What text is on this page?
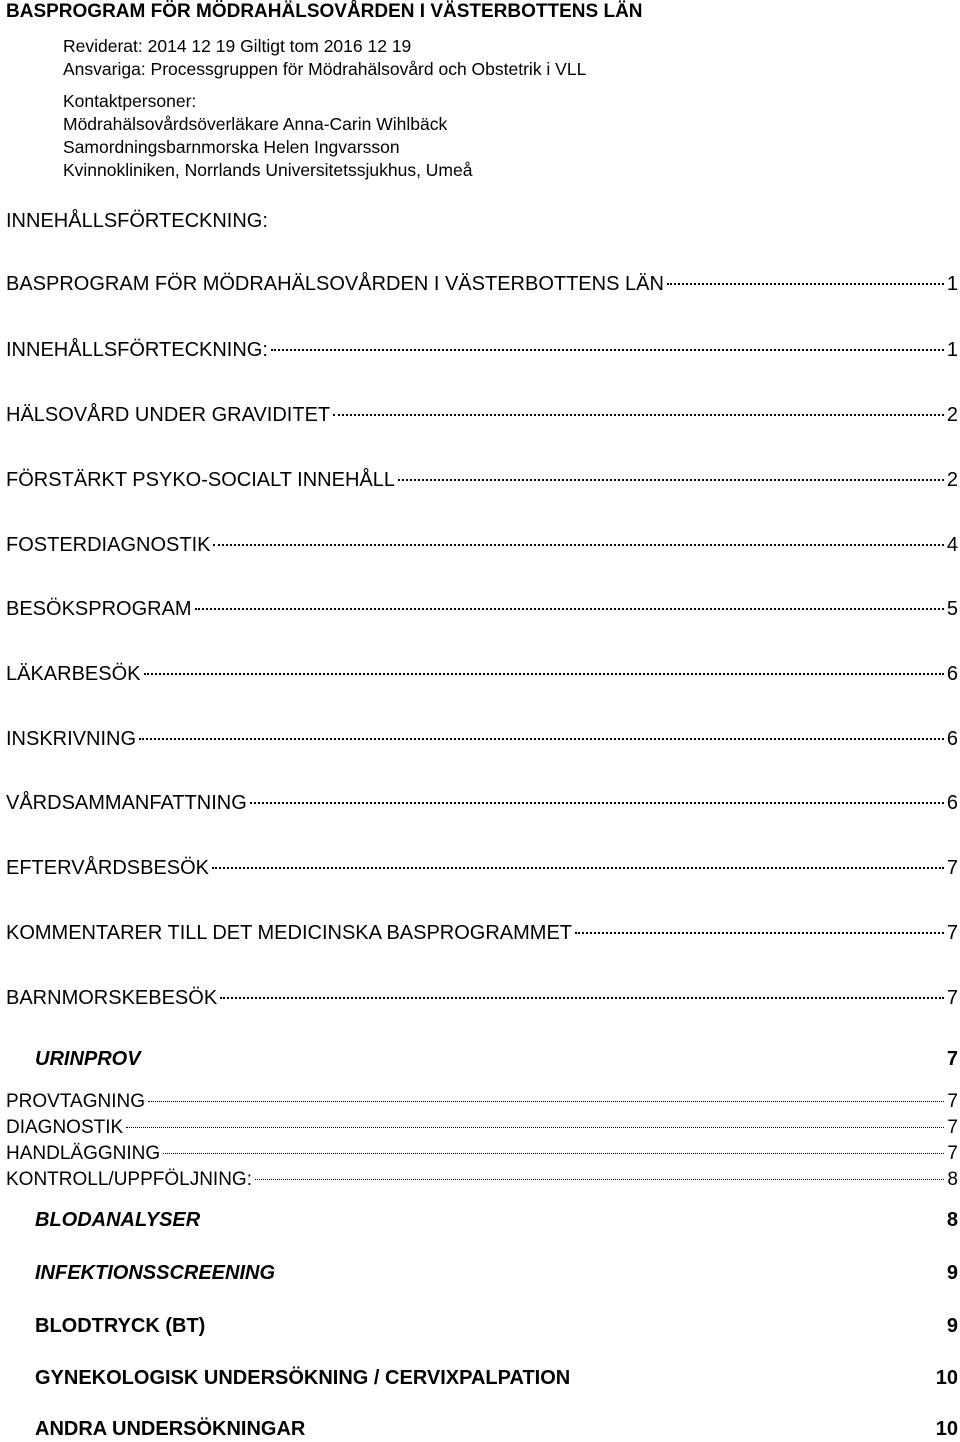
BASPROGRAM FÖR MÖDRAHÄLSOVÅRDEN I VÄSTERBOTTENS LÄN
Reviderat: 2014 12 19 Giltigt tom 2016 12 19
Ansvariga: Processgruppen för Mödrahälsovård och Obstetrik i VLL
Kontaktpersoner:
Mödrahälsovårdsöverläkare Anna-Carin Wihlbäck
Samordningsbarnmorska Helen Ingvarsson
Kvinnokliniken, Norrlands Universitetssjukhus, Umeå
INNEHÅLLSFÖRTECKNING:
BASPROGRAM FÖR MÖDRAHÄLSOVÅRDEN I VÄSTERBOTTENS LÄN	1
INNEHÅLLSFÖRTECKNING:	1
HÄLSOVÅRD UNDER GRAVIDITET	2
FÖRSTÄRKT PSYKO-SOCIALT INNEHÅLL	2
FOSTERDIAGNOSTIK	4
BESÖKSPROGRAM	5
LÄKARBESÖK	6
INSKRIVNING	6
VÅRDSAMMANFATTNING	6
EFTERVÅRDSBESÖK	7
KOMMENTARER TILL DET MEDICINSKA BASPROGRAMMET	7
BARNMORSKEBESÖK	7
URINPROV	7
PROVTAGNING	7
DIAGNOSTIK	7
HANDLÄGGNING	7
KONTROLL/UPPFÖLJNING:	8
BLODANALYSER	8
INFEKTIONSSCREENING	9
BLODTRYCK (BT)	9
GYNEKOLOGISK UNDERSÖKNING / CERVIXPALPATION	10
ANDRA UNDERSÖKNINGAR	10
